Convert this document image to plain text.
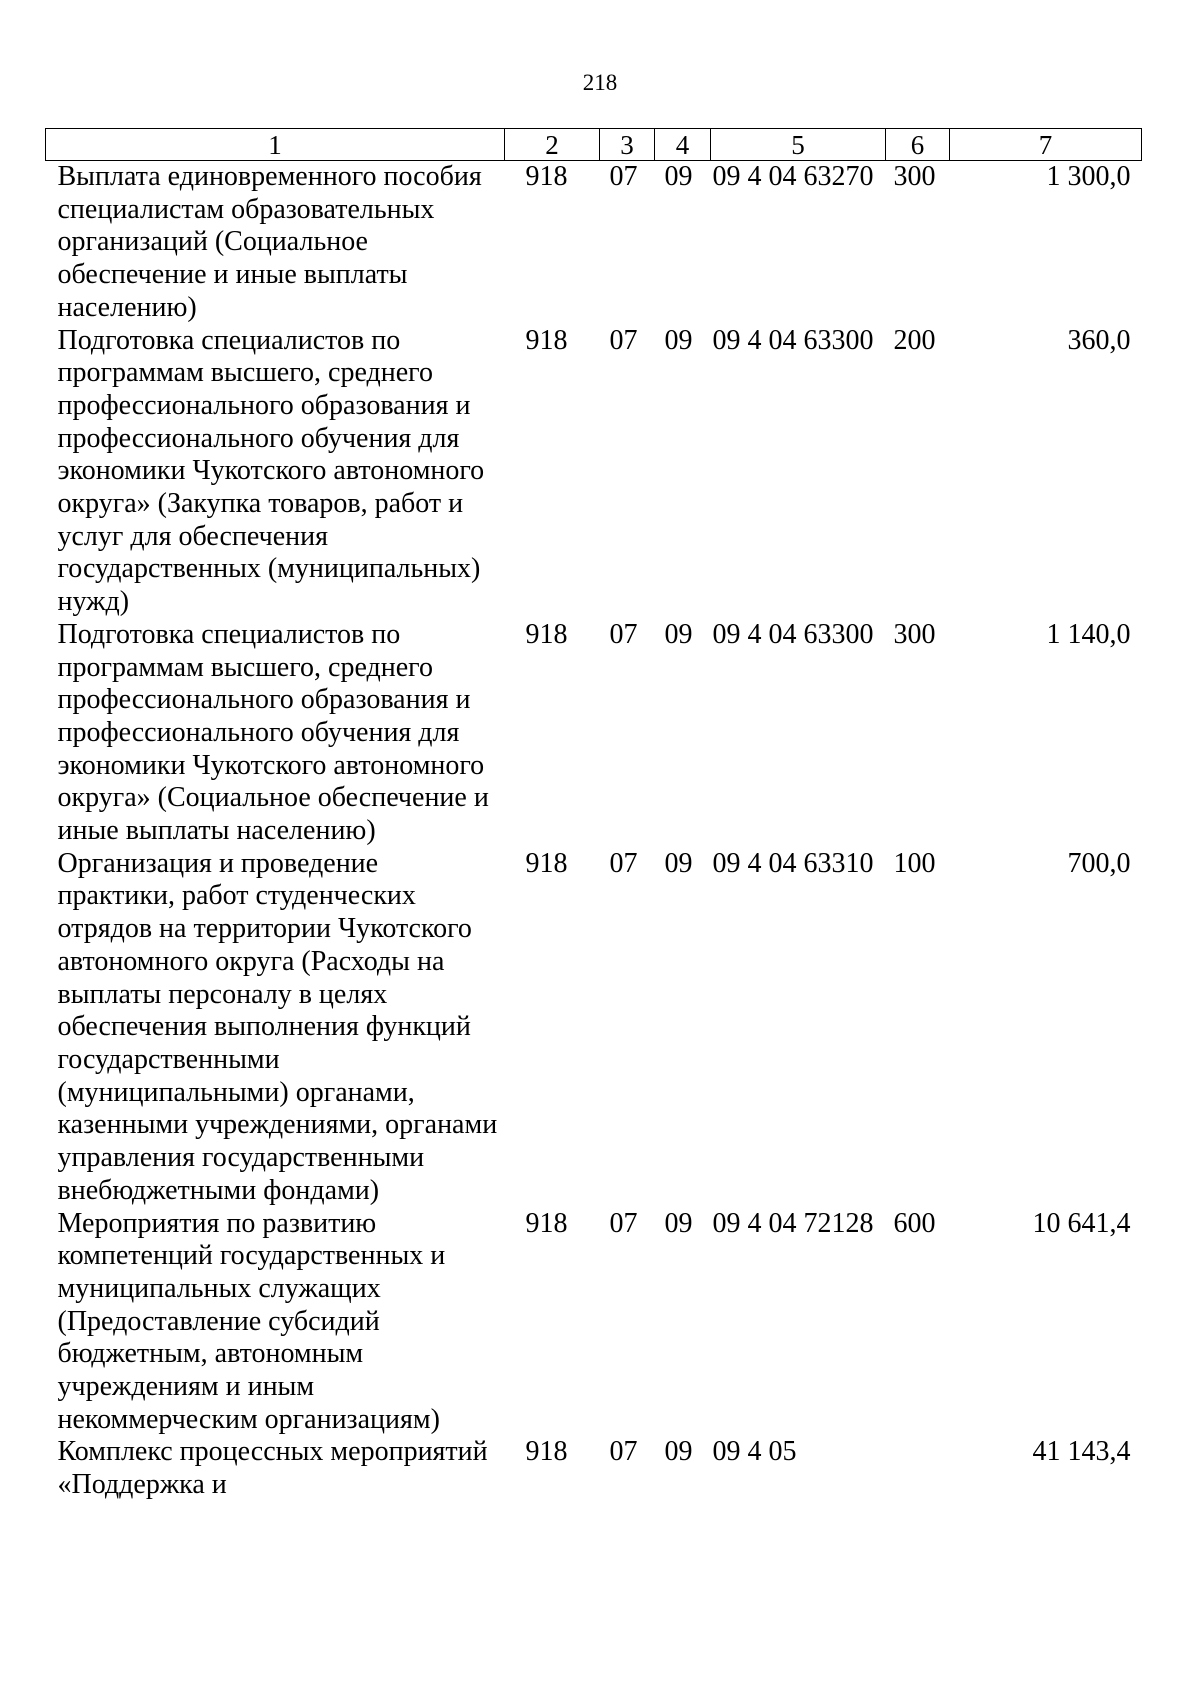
218
1	2	3	4	5	6	7
Выплата единовременного пособия специалистам образовательных организаций (Социальное обеспечение и иные выплаты населению)	918	07	09	09 4 04 63270	300	1 300,0
Подготовка специалистов по программам высшего, среднего профессионального образования и профессионального обучения для экономики Чукотского автономного округа» (Закупка товаров, работ и услуг для обеспечения государственных (муниципальных) нужд)	918	07	09	09 4 04 63300	200	360,0
Подготовка специалистов по программам высшего, среднего профессионального образования и профессионального обучения для экономики Чукотского автономного округа» (Социальное обеспечение и иные выплаты населению)	918	07	09	09 4 04 63300	300	1 140,0
Организация и проведение практики, работ студенческих отрядов на территории Чукотского автономного округа (Расходы на выплаты персоналу в целях обеспечения выполнения функций государственными (муниципальными) органами, казенными учреждениями, органами управления государственными внебюджетными фондами)	918	07	09	09 4 04 63310	100	700,0
Мероприятия по развитию компетенций государственных и муниципальных служащих (Предоставление субсидий бюджетным, автономным учреждениям и иным некоммерческим организациям)	918	07	09	09 4 04 72128	600	10 641,4
Комплекс процессных мероприятий «Поддержка и	918	07	09	09 4 05		41 143,4
